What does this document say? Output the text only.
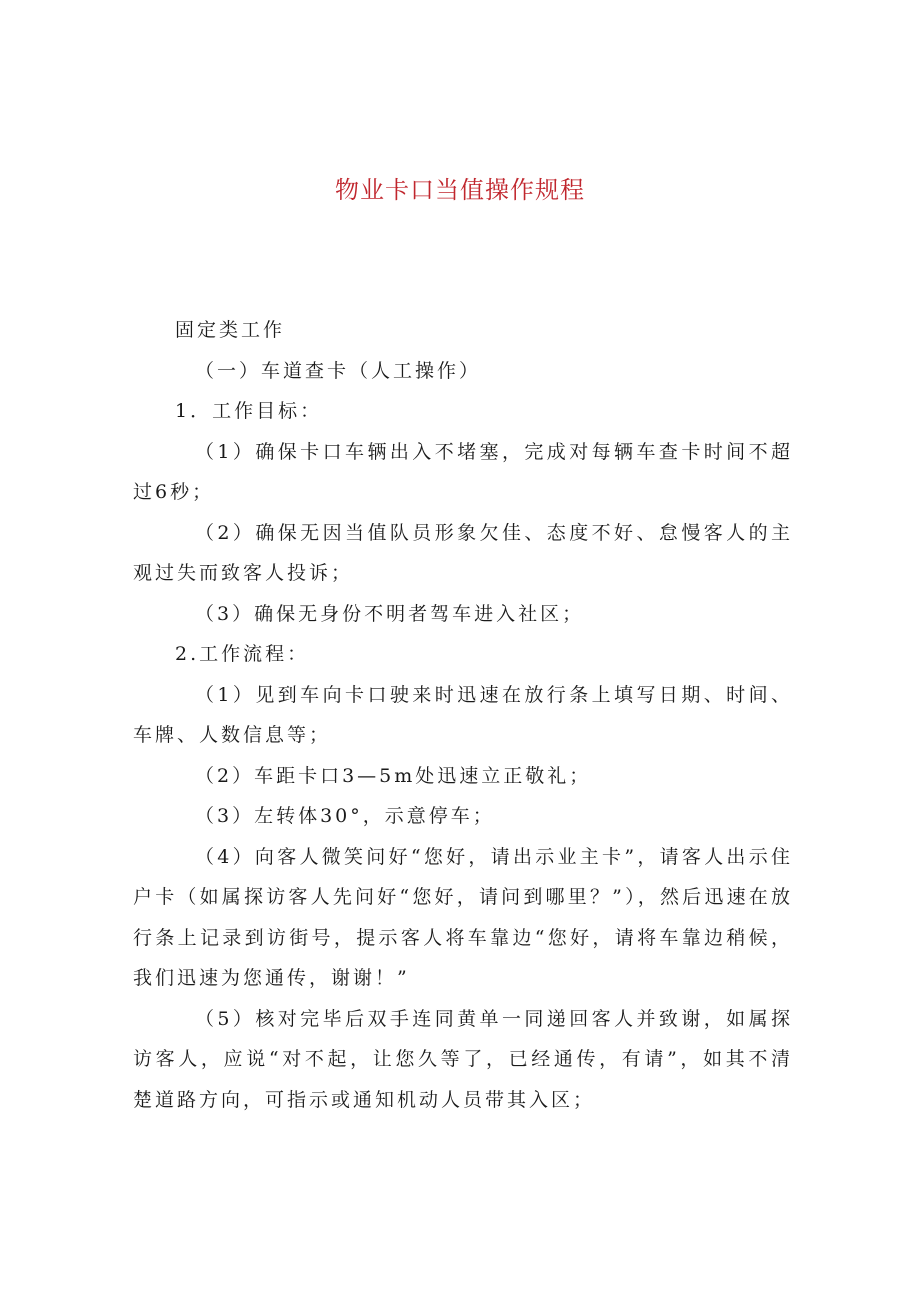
物业卡口当值操作规程

固定类工作

（一）车道查卡（人工操作）

1．工作目标：

（1）确保卡口车辆出入不堵塞，完成对每辆车查卡时间不超过6秒；

（2）确保无因当值队员形象欠佳、态度不好、怠慢客人的主观过失而致客人投诉；

（3）确保无身份不明者驾车进入社区；

2.工作流程：

（1）见到车向卡口驶来时迅速在放行条上填写日期、时间、车牌、人数信息等；

（2）车距卡口3—5m处迅速立正敬礼；

（3）左转体30°，示意停车；

（4）向客人微笑问好“您好，请出示业主卡”，请客人出示住户卡（如属探访客人先问好“您好，请问到哪里？”），然后迅速在放行条上记录到访街号，提示客人将车靠边“您好，请将车靠边稍候，我们迅速为您通传，谢谢！”

（5）核对完毕后双手连同黄单一同递回客人并致谢，如属探访客人，应说“对不起，让您久等了，已经通传，有请”，如其不清楚道路方向，可指示或通知机动人员带其入区；
